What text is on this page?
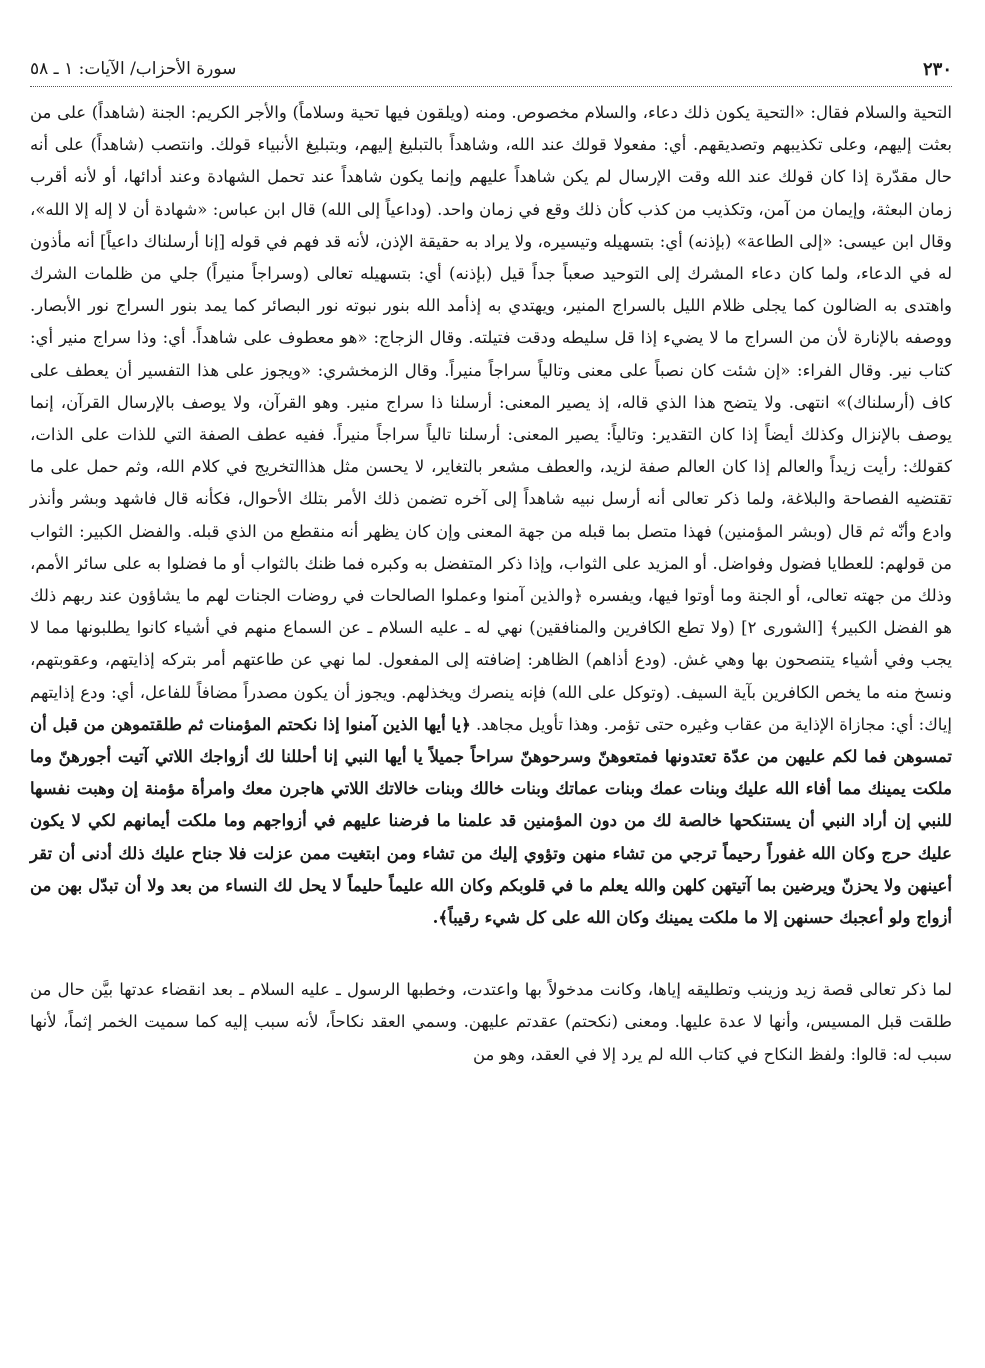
٢٣٠
سورة الأحزاب/ الآيات: ١ ـ ٥٨

التحية والسلام فقال: «التحية يكون ذلك دعاء، والسلام مخصوص. ومنه (ويلقون فيها تحية وسلاماً) والأجر الكريم: الجنة (شاهداً) على من بعثت إليهم، وعلى تكذيبهم وتصديقهم. أي: مفعولا قولك عند الله، وشاهداً بالتبليغ إليهم، وبتبليغ الأنبياء قولك. وانتصب (شاهداً) على أنه حال مقدّرة إذا كان قولك عند الله وقت الإرسال لم يكن شاهداً عليهم وإنما يكون شاهداً عند تحمل الشهادة وعند أدائها، أو لأنه أقرب زمان البعثة، وإيمان من آمن، وتكذيب من كذب كأن ذلك وقع في زمان واحد. (وداعياً إلى الله) قال ابن عباس: «شهادة أن لا إله إلا الله»، وقال ابن عيسى: «إلى الطاعة» (بإذنه) أي: بتسهيله وتيسيره، ولا يراد به حقيقة الإذن، لأنه قد فهم في قوله [إنا أرسلناك داعياً] أنه مأذون له في الدعاء، ولما كان دعاء المشرك إلى التوحيد صعباً جداً قيل (بإذنه) أي: بتسهيله تعالى (وسراجاً منيراً) جلي من ظلمات الشرك واهتدى به الضالون كما يجلى ظلام الليل بالسراج المنير، ويهتدي به إذأمد الله بنور نبوته نور البصائر كما يمد بنور السراج نور الأبصار. ووصفه بالإنارة لأن من السراج ما لا يضيء إذا قل سليطه ودقت فتيلته. وقال الزجاج: «هو معطوف على شاهداً. أي: وذا سراج منير أي: كتاب نير. وقال الفراء: «إن شئت كان نصباً على معنى وتالياً سراجاً منيراً. وقال الزمخشري: «ويجوز على هذا التفسير أن يعطف على كاف (أرسلناك)» انتهى. ولا يتضح هذا الذي قاله، إذ يصير المعنى: أرسلنا ذا سراج منير. وهو القرآن، ولا يوصف بالإرسال القرآن، إنما يوصف بالإنزال وكذلك أيضاً إذا كان التقدير: وتالياً: يصير المعنى: أرسلنا تالياً سراجاً منيراً. ففيه عطف الصفة التي للذات على الذات، كقولك: رأيت زيداً والعالم إذا كان العالم صفة لزيد، والعطف مشعر بالتغاير، لا يحسن مثل هذاالتخريج في كلام الله، وثم حمل على ما تقتضيه الفصاحة والبلاغة، ولما ذكر تعالى أنه أرسل نبيه شاهداً إلى آخره تضمن ذلك الأمر بتلك الأحوال، فكأنه قال فاشهد وبشر وأنذر وادع وأنّه ثم قال (وبشر المؤمنين) فهذا متصل بما قبله من جهة المعنى وإن كان يظهر أنه منقطع من الذي قبله. والفضل الكبير: الثواب من قولهم: للعطايا فضول وفواضل. أو المزيد على الثواب، وإذا ذكر المتفضل به وكبره فما ظنك بالثواب أو ما فضلوا به على سائر الأمم، وذلك من جهته تعالى، أو الجنة وما أوتوا فيها، ويفسره ﴿والذين آمنوا وعملوا الصالحات في روضات الجنات لهم ما يشاؤون عند ربهم ذلك هو الفضل الكبير﴾ [الشورى ٢] (ولا تطع الكافرين والمنافقين) نهي له ـ عليه السلام ـ عن السماع منهم في أشياء كانوا يطلبونها مما لا يجب وفي أشياء يتنصحون بها وهي غش. (ودع أذاهم) الظاهر: إضافته إلى المفعول. لما نهي عن طاعتهم أمر بتركه إذايتهم، وعقوبتهم، ونسخ منه ما يخص الكافرين بآية السيف. (وتوكل على الله) فإنه ينصرك ويخذلهم. ويجوز أن يكون مصدراً مضافاً للفاعل، أي: ودع إذايتهم إياك: أي: مجازاة الإذاية من عقاب وغيره حتى تؤمر. وهذا تأويل مجاهد. ﴿يا أيها الذين آمنوا إذا نكحتم المؤمنات ثم طلقتموهن من قبل أن تمسوهن فما لكم عليهن من عدّة تعتدونها فمتعوهنّ وسرحوهنّ سراحاً جميلاً يا أيها النبي إنا أحللنا لك أزواجك اللاتي آتيت أجورهنّ وما ملكت يمينك مما أفاء الله عليك وبنات عمك وبنات عماتك وبنات خالك وبنات خالاتك اللاتي هاجرن معك وامرأة مؤمنة إن وهبت نفسها للنبي إن أراد النبي أن يستنكحها خالصة لك من دون المؤمنين قد علمنا ما فرضنا عليهم في أزواجهم وما ملكت أيمانهم لكي لا يكون عليك حرج وكان الله غفوراً رحيماً ترجي من تشاء منهن وتؤوي إليك من تشاء ومن ابتغيت ممن عزلت فلا جناح عليك ذلك أدنى أن تقر أعينهن ولا يحزنّ ويرضين بما آتيتهن كلهن والله يعلم ما في قلوبكم وكان الله عليماً حليماً لا يحل لك النساء من بعد ولا أن تبدّل بهن من أزواج ولو أعجبك حسنهن إلا ما ملكت يمينك وكان الله على كل شيء رقيباً﴾.

لما ذكر تعالى قصة زيد وزينب وتطليقه إياها، وكانت مدخولاً بها واعتدت، وخطبها الرسول ـ عليه السلام ـ بعد انقضاء عدتها بيَّن حال من طلقت قبل المسيس، وأنها لا عدة عليها. ومعنى (نكحتم) عقدتم عليهن. وسمي العقد نكاحاً، لأنه سبب إليه كما سميت الخمر إثماً، لأنها سبب له: قالوا: ولفظ النكاح في كتاب الله لم يرد إلا في العقد، وهو من
